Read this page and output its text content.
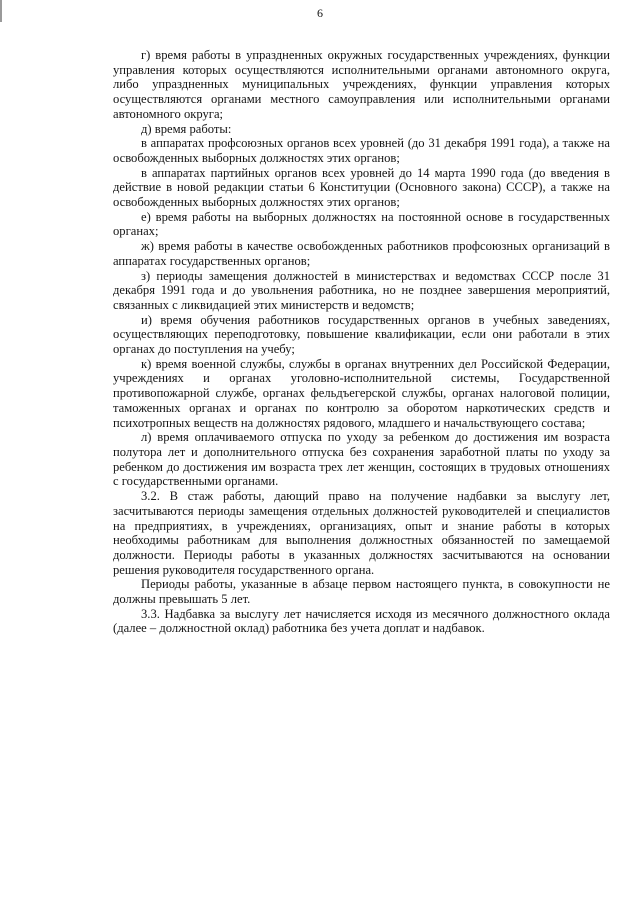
6

г) время работы в упраздненных окружных государственных учреждениях, функции управления которых осуществляются исполнительными органами автономного округа, либо упраздненных муниципальных учреждениях, функции управления которых осуществляются органами местного самоуправления или исполнительными органами автономного округа;

д) время работы:

в аппаратах профсоюзных органов всех уровней (до 31 декабря 1991 года), а также на освобожденных выборных должностях этих органов;

в аппаратах партийных органов всех уровней до 14 марта 1990 года (до введения в действие в новой редакции статьи 6 Конституции (Основного закона) СССР), а также на освобожденных выборных должностях этих органов;

е) время работы на выборных должностях на постоянной основе в государственных органах;

ж) время работы в качестве освобожденных работников профсоюзных организаций в аппаратах государственных органов;

з) периоды замещения должностей в министерствах и ведомствах СССР после 31 декабря 1991 года и до увольнения работника, но не позднее завершения мероприятий, связанных с ликвидацией этих министерств и ведомств;

и) время обучения работников государственных органов в учебных заведениях, осуществляющих переподготовку, повышение квалификации, если они работали в этих органах до поступления на учебу;

к) время военной службы, службы в органах внутренних дел Российской Федерации, учреждениях и органах уголовно-исполнительной системы, Государственной противопожарной службе, органах фельдъегерской службы, органах налоговой полиции, таможенных органах и органах по контролю за оборотом наркотических средств и психотропных веществ на должностях рядового, младшего и начальствующего состава;

л) время оплачиваемого отпуска по уходу за ребенком до достижения им возраста полутора лет и дополнительного отпуска без сохранения заработной платы по уходу за ребенком до достижения им возраста трех лет женщин, состоящих в трудовых отношениях с государственными органами.

3.2. В стаж работы, дающий право на получение надбавки за выслугу лет, засчитываются периоды замещения отдельных должностей руководителей и специалистов на предприятиях, в учреждениях, организациях, опыт и знание работы в которых необходимы работникам для выполнения должностных обязанностей по замещаемой должности. Периоды работы в указанных должностях засчитываются на основании решения руководителя государственного органа.

Периоды работы, указанные в абзаце первом настоящего пункта, в совокупности не должны превышать 5 лет.

3.3. Надбавка за выслугу лет начисляется исходя из месячного должностного оклада (далее – должностной оклад) работника без учета доплат и надбавок.
